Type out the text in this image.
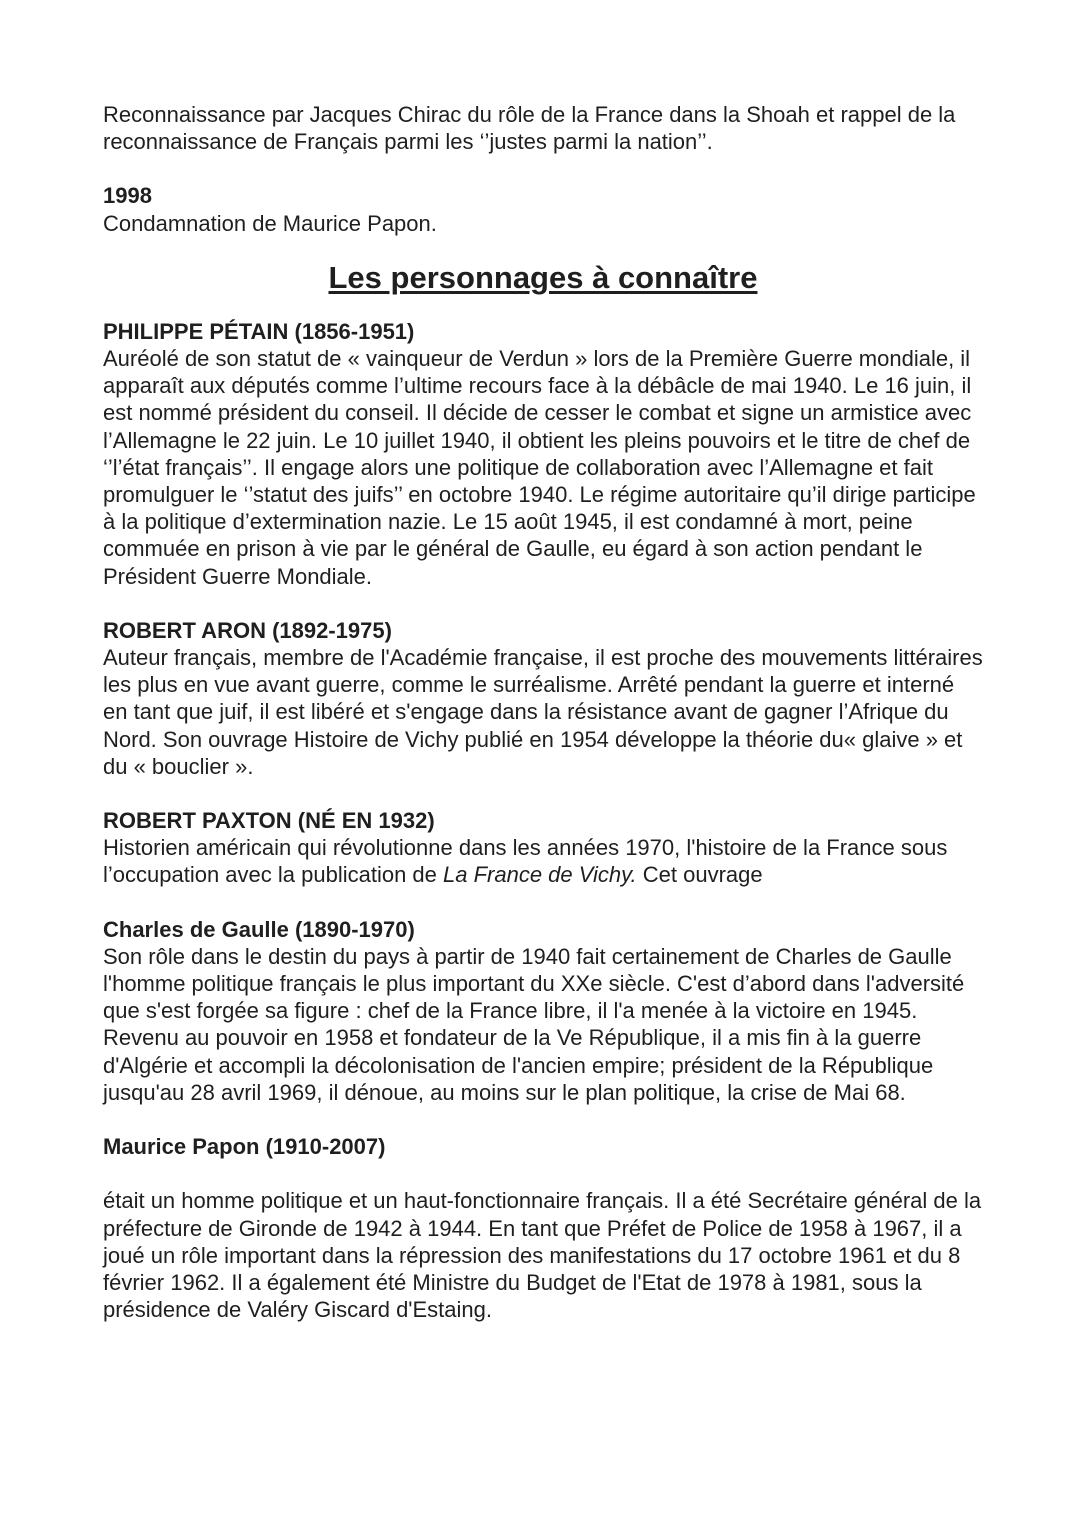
Reconnaissance par Jacques Chirac du rôle de la France dans la Shoah et rappel de la reconnaissance de Français parmi les ‘’justes parmi la nation’’.

1998

Condamnation de Maurice Papon.

Les personnages à connaître

PHILIPPE PÉTAIN (1856-1951)

Auréolé de son statut de « vainqueur de Verdun » lors de la Première Guerre mondiale, il apparaît aux députés comme l’ultime recours face à la débâcle de mai 1940. Le 16 juin, il est nommé président du conseil. Il décide de cesser le combat et signe un armistice avec l’Allemagne le 22 juin. Le 10 juillet 1940, il obtient les pleins pouvoirs et le titre de chef de ‘’l’état français’’. Il engage alors une politique de collaboration avec l’Allemagne et fait promulguer le ‘’statut des juifs’’ en octobre 1940. Le régime autoritaire qu’il dirige participe à la politique d’extermination nazie. Le 15 août 1945, il est condamné à mort, peine commuée en prison à vie par le général de Gaulle, eu égard à son action pendant le Président Guerre Mondiale.

ROBERT ARON (1892-1975)

Auteur français, membre de l'Académie française, il est proche des mouvements littéraires les plus en vue avant guerre, comme le surréalisme. Arrêté pendant la guerre et interné en tant que juif, il est libéré et s'engage dans la résistance avant de gagner l’Afrique du Nord. Son ouvrage Histoire de Vichy publié en 1954 développe la théorie du« glaive » et du « bouclier ».

ROBERT PAXTON (NÉ EN 1932)

Historien américain qui révolutionne dans les années 1970, l'histoire de la France sous l’occupation avec la publication de La France de Vichy. Cet ouvrage

Charles de Gaulle (1890-1970)

Son rôle dans le destin du pays à partir de 1940 fait certainement de Charles de Gaulle l'homme politique français le plus important du XXe siècle. C'est d’abord dans l'adversité que s'est forgée sa figure : chef de la France libre, il l'a menée à la victoire en 1945. Revenu au pouvoir en 1958 et fondateur de la Ve République, il a mis fin à la guerre d'Algérie et accompli la décolonisation de l'ancien empire; président de la République jusqu'au 28 avril 1969, il dénoue, au moins sur le plan politique, la crise de Mai 68.

Maurice Papon (1910-2007)

était un homme politique et un haut-fonctionnaire français. Il a été Secrétaire général de la préfecture de Gironde de 1942 à 1944. En tant que Préfet de Police de 1958 à 1967, il a joué un rôle important dans la répression des manifestations du 17 octobre 1961 et du 8 février 1962. Il a également été Ministre du Budget de l'Etat de 1978 à 1981, sous la présidence de Valéry Giscard d'Estaing.
